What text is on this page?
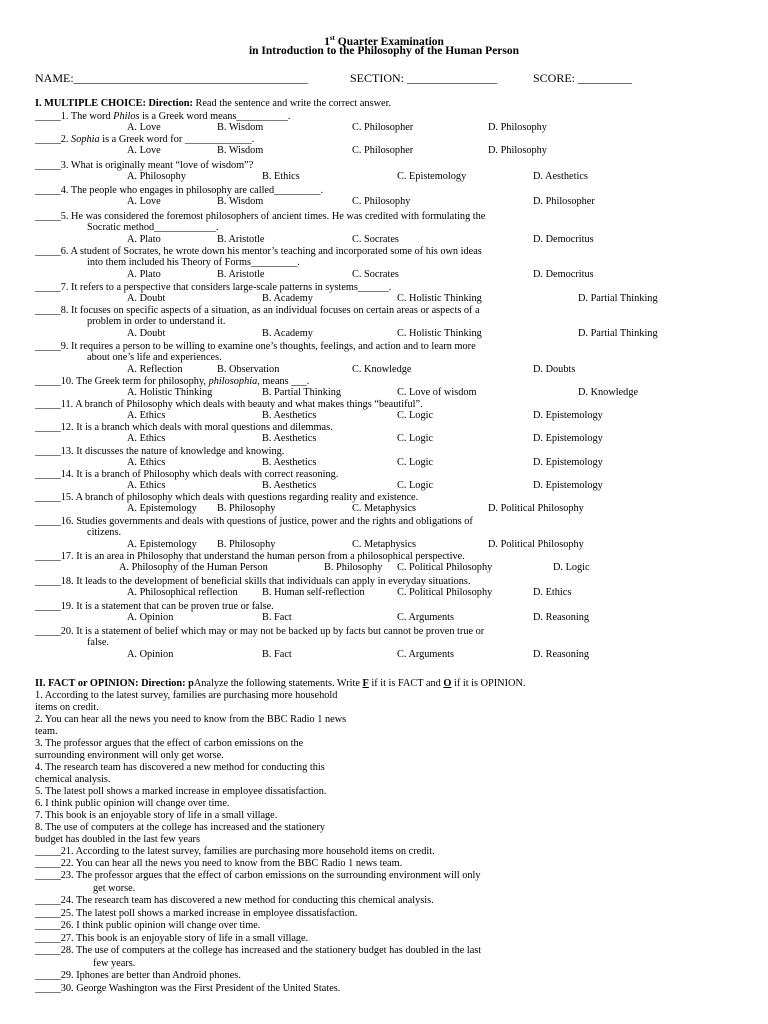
1st Quarter Examination
in Introduction to the Philosophy of the Human Person
NAME:_______________________________________	SECTION: _______________	SCORE: _________
I. MULTIPLE CHOICE: Direction: Read the sentence and write the correct answer.
_____1. The word Philos is a Greek word means__________.
A. Love	B. Wisdom	C. Philosopher	D. Philosophy
_____2. Sophia is a Greek word for _____________.
A. Love	B. Wisdom	C. Philosopher	D. Philosophy
_____3. What is originally meant “love of wisdom”?
A. Philosophy	B. Ethics	C. Epistemology	D. Aesthetics
_____4. The people who engages in philosophy are called_________.
A. Love	B. Wisdom	C. Philosophy	D. Philosopher
_____5. He was considered the foremost philosophers of ancient times. He was credited with formulating the
Socratic method____________.
A. Plato	B. Aristotle	C. Socrates	D. Democritus
_____6. A student of Socrates, he wrote down his mentor’s teaching and incorporated some of his own ideas
into them included his Theory of Forms_________.
A. Plato	B. Aristotle	C. Socrates	D. Democritus
_____7. It refers to a perspective that considers large-scale patterns in systems______.
A. Doubt	B. Academy	C. Holistic Thinking	D. Partial Thinking
_____8. It focuses on specific aspects of a situation, as an individual focuses on certain areas or aspects of a
problem in order to understand it.
A. Doubt	B. Academy	C. Holistic Thinking	D. Partial Thinking
_____9. It requires a person to be willing to examine one’s thoughts, feelings, and action and to learn more
about one’s life and experiences.
A. Reflection	B. Observation	C. Knowledge	D. Doubts
_____10. The Greek term for philosophy, philosophia, means ___.
A. Holistic Thinking	B. Partial Thinking	C. Love of wisdom	D. Knowledge
_____11. A branch of Philosophy which deals with beauty and what makes things “beautiful”.
A. Ethics	B. Aesthetics	C. Logic	D. Epistemology
_____12. It is a branch which deals with moral questions and dilemmas.
A. Ethics	B. Aesthetics	C. Logic	D. Epistemology
_____13. It discusses the nature of knowledge and knowing.
A. Ethics	B. Aesthetics	C. Logic	D. Epistemology
_____14. It is a branch of Philosophy which deals with correct reasoning.
A. Ethics	B. Aesthetics	C. Logic	D. Epistemology
_____15. A branch of philosophy which deals with questions regarding reality and existence.
A. Epistemology B. Philosophy	C. Metaphysics	D. Political Philosophy
_____16. Studies governments and deals with questions of justice, power and the rights and obligations of
citizens.
A. Epistemology B. Philosophy	C. Metaphysics	D. Political Philosophy
_____17. It is an area in Philosophy that understand the human person from a philosophical perspective.
A. Philosophy of the Human Person	B. Philosophy C. Political Philosophy	D. Logic
_____18. It leads to the development of beneficial skills that individuals can apply in everyday situations.
A. Philosophical reflection B. Human self-reflection	C. Political Philosophy	D. Ethics
_____19. It is a statement that can be proven true or false.
A. Opinion	B. Fact	C. Arguments	D. Reasoning
_____20. It is a statement of belief which may or may not be backed up by facts but cannot be proven true or
false.
A. Opinion	B. Fact	C. Arguments	D. Reasoning
II. FACT or OPINION: Direction: pAnalyze the following statements. Write F if it is FACT and O if it is OPINION.
1. According to the latest survey, families are purchasing more household
items on credit.
2. You can hear all the news you need to know from the BBC Radio 1 news
team.
3. The professor argues that the effect of carbon emissions on the
surrounding environment will only get worse.
4. The research team has discovered a new method for conducting this
chemical analysis.
5. The latest poll shows a marked increase in employee dissatisfaction.
6. I think public opinion will change over time.
7. This book is an enjoyable story of life in a small village.
8. The use of computers at the college has increased and the stationery
budget has doubled in the last few years
_____21. According to the latest survey, families are purchasing more household items on credit.
_____22. You can hear all the news you need to know from the BBC Radio 1 news team.
_____23. The professor argues that the effect of carbon emissions on the surrounding environment will only
get worse.
_____24. The research team has discovered a new method for conducting this chemical analysis.
_____25. The latest poll shows a marked increase in employee dissatisfaction.
_____26. I think public opinion will change over time.
_____27. This book is an enjoyable story of life in a small village.
_____28. The use of computers at the college has increased and the stationery budget has doubled in the last
few years.
_____29. Iphones are better than Android phones.
_____30. George Washington was the First President of the United States.
